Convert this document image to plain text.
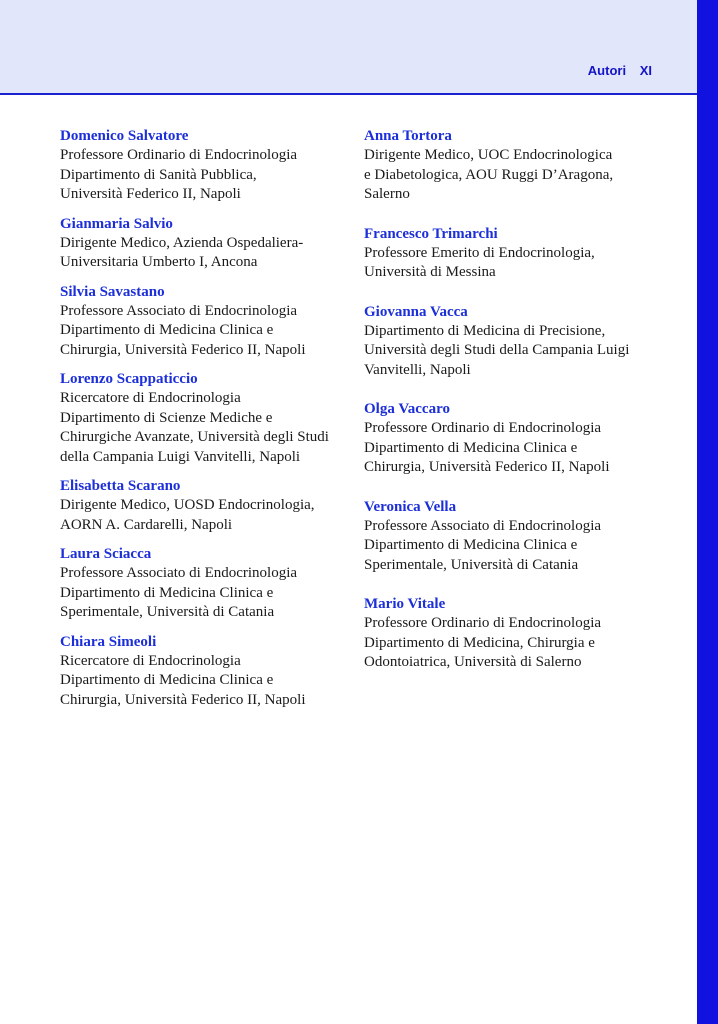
Autori XI
Domenico Salvatore
Professore Ordinario di Endocrinologia
Dipartimento di Sanità Pubblica,
Università Federico II, Napoli
Gianmaria Salvio
Dirigente Medico, Azienda Ospedaliera-
Universitaria Umberto I, Ancona
Silvia Savastano
Professore Associato di Endocrinologia
Dipartimento di Medicina Clinica e
Chirurgia, Università Federico II, Napoli
Lorenzo Scappaticcio
Ricercatore di Endocrinologia
Dipartimento di Scienze Mediche e
Chirurgiche Avanzate, Università degli Studi
della Campania Luigi Vanvitelli, Napoli
Elisabetta Scarano
Dirigente Medico, UOSD Endocrinologia,
AORN A. Cardarelli, Napoli
Laura Sciacca
Professore Associato di Endocrinologia
Dipartimento di Medicina Clinica e
Sperimentale, Università di Catania
Chiara Simeoli
Ricercatore di Endocrinologia
Dipartimento di Medicina Clinica e
Chirurgia, Università Federico II, Napoli
Anna Tortora
Dirigente Medico, UOC Endocrinologica
e Diabetologica, AOU Ruggi D’Aragona,
Salerno
Francesco Trimarchi
Professore Emerito di Endocrinologia,
Università di Messina
Giovanna Vacca
Dipartimento di Medicina di Precisione,
Università degli Studi della Campania Luigi
Vanvitelli, Napoli
Olga Vaccaro
Professore Ordinario di Endocrinologia
Dipartimento di Medicina Clinica e
Chirurgia, Università Federico II, Napoli
Veronica Vella
Professore Associato di Endocrinologia
Dipartimento di Medicina Clinica e
Sperimentale, Università di Catania
Mario Vitale
Professore Ordinario di Endocrinologia
Dipartimento di Medicina, Chirurgia e
Odontoiatrica, Università di Salerno
